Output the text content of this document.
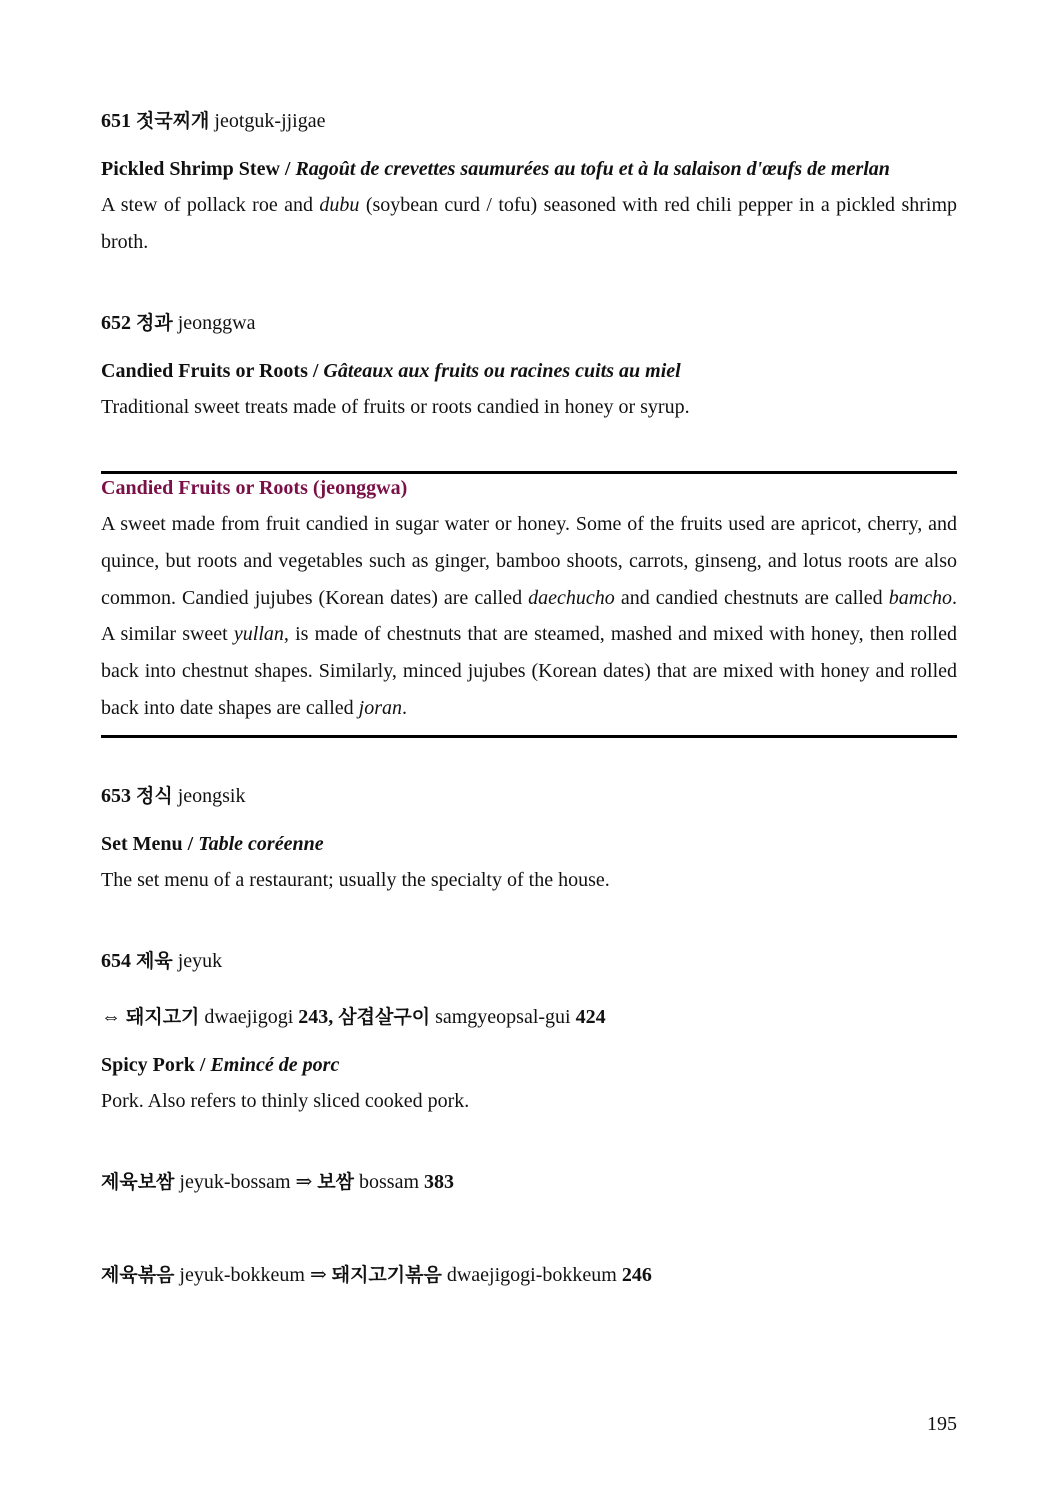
651 젓국찌개 jeotguk-jjigae
Pickled Shrimp Stew / Ragoût de crevettes saumurées au tofu et à la salaison d'œufs de merlan
A stew of pollack roe and dubu (soybean curd / tofu) seasoned with red chili pepper in a pickled shrimp broth.
652 정과 jeonggwa
Candied Fruits or Roots / Gâteaux aux fruits ou racines cuits au miel
Traditional sweet treats made of fruits or roots candied in honey or syrup.
Candied Fruits or Roots (jeonggwa)
A sweet made from fruit candied in sugar water or honey. Some of the fruits used are apricot, cherry, and quince, but roots and vegetables such as ginger, bamboo shoots, carrots, ginseng, and lotus roots are also common. Candied jujubes (Korean dates) are called daechucho and candied chestnuts are called bamcho. A similar sweet yullan, is made of chestnuts that are steamed, mashed and mixed with honey, then rolled back into chestnut shapes. Similarly, minced jujubes (Korean dates) that are mixed with honey and rolled back into date shapes are called joran.
653 정식 jeongsik
Set Menu / Table coréenne
The set menu of a restaurant; usually the specialty of the house.
654 제육 jeyuk
⇔ 돼지고기 dwaejigogi 243, 삼겹살구이 samgyeopsal-gui 424
Spicy Pork / Emincé de porc
Pork. Also refers to thinly sliced cooked pork.
제육보쌈 jeyuk-bossam ⇒ 보쌈 bossam 383
제육볶음 jeyuk-bokkeum ⇒ 돼지고기볶음 dwaejigogi-bokkeum 246
195
